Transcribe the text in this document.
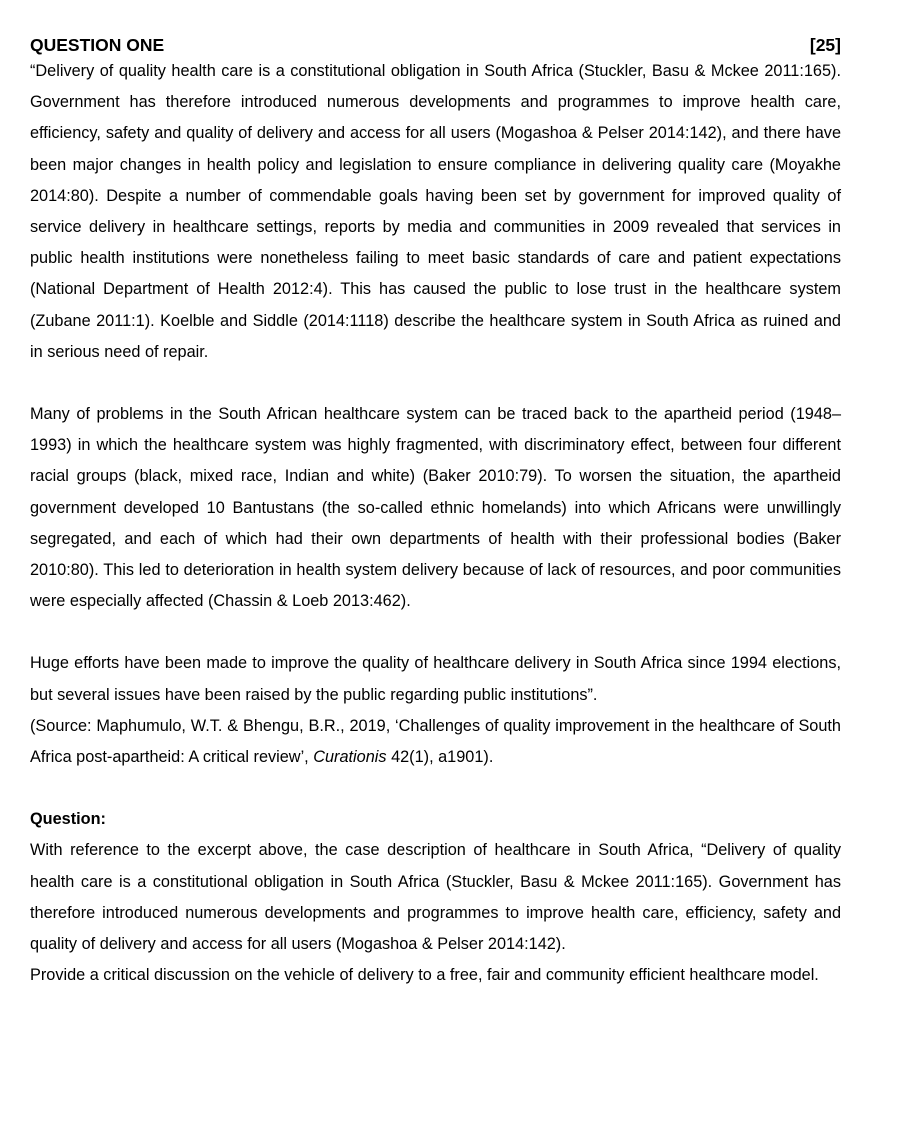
QUESTION ONE	[25]

“Delivery of quality health care is a constitutional obligation in South Africa (Stuckler, Basu & Mckee 2011:165). Government has therefore introduced numerous developments and programmes to improve health care, efficiency, safety and quality of delivery and access for all users (Mogashoa & Pelser 2014:142), and there have been major changes in health policy and legislation to ensure compliance in delivering quality care (Moyakhe 2014:80). Despite a number of commendable goals having been set by government for improved quality of service delivery in healthcare settings, reports by media and communities in 2009 revealed that services in public health institutions were nonetheless failing to meet basic standards of care and patient expectations (National Department of Health 2012:4). This has caused the public to lose trust in the healthcare system (Zubane 2011:1). Koelble and Siddle (2014:1118) describe the healthcare system in South Africa as ruined and in serious need of repair.

Many of problems in the South African healthcare system can be traced back to the apartheid period (1948–1993) in which the healthcare system was highly fragmented, with discriminatory effect, between four different racial groups (black, mixed race, Indian and white) (Baker 2010:79). To worsen the situation, the apartheid government developed 10 Bantustans (the so-called ethnic homelands) into which Africans were unwillingly segregated, and each of which had their own departments of health with their professional bodies (Baker 2010:80). This led to deterioration in health system delivery because of lack of resources, and poor communities were especially affected (Chassin & Loeb 2013:462).

Huge efforts have been made to improve the quality of healthcare delivery in South Africa since 1994 elections, but several issues have been raised by the public regarding public institutions”.

(Source: Maphumulo, W.T. & Bhengu, B.R., 2019, ‘Challenges of quality improvement in the healthcare of South Africa post-apartheid: A critical review’, Curationis 42(1), a1901).

Question:

With reference to the excerpt above, the case description of healthcare in South Africa, “Delivery of quality health care is a constitutional obligation in South Africa (Stuckler, Basu & Mckee 2011:165). Government has therefore introduced numerous developments and programmes to improve health care, efficiency, safety and quality of delivery and access for all users (Mogashoa & Pelser 2014:142).

Provide a critical discussion on the vehicle of delivery to a free, fair and community efficient healthcare model.
